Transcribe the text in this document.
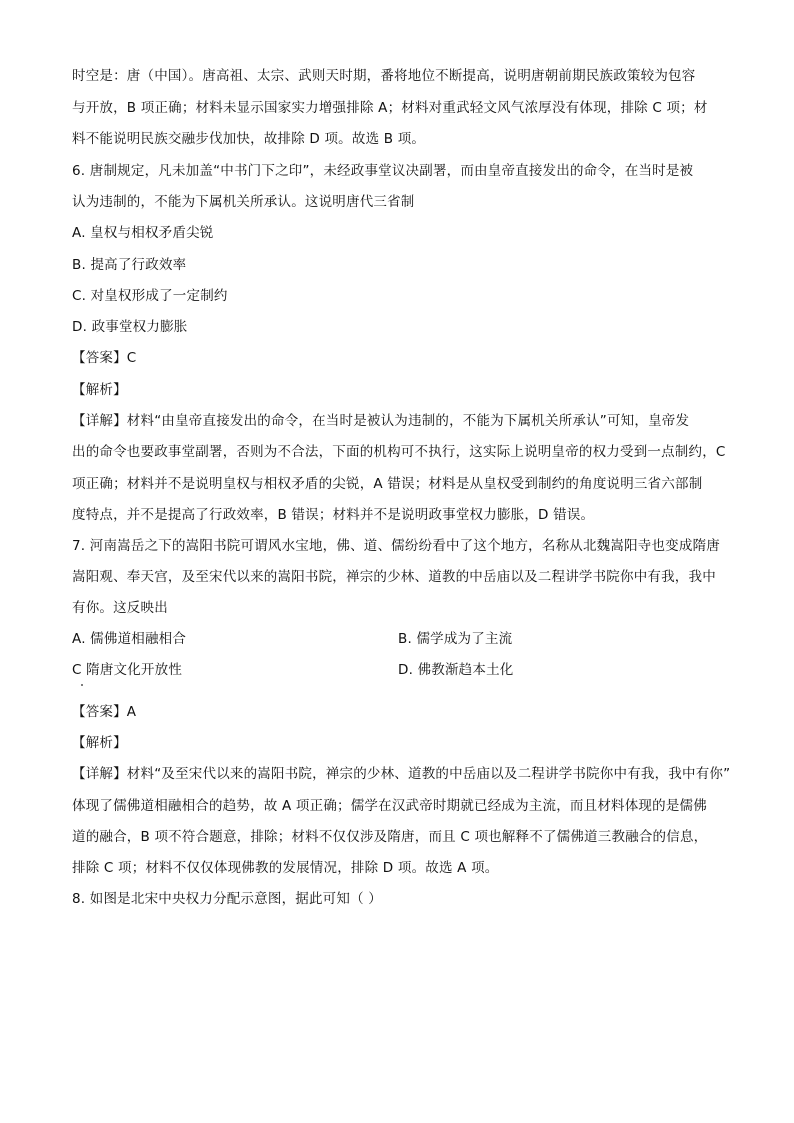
时空是：唐（中国）。唐高祖、太宗、武则天时期，番将地位不断提高，说明唐朝前期民族政策较为包容
与开放，B 项正确；材料未显示国家实力增强排除 A；材料对重武轻文风气浓厚没有体现，排除 C 项；材
料不能说明民族交融步伐加快，故排除 D 项。故选 B 项。
6. 唐制规定，凡未加盖“中书门下之印”，未经政事堂议决副署，而由皇帝直接发出的命令，在当时是被
认为违制的，不能为下属机关所承认。这说明唐代三省制
A. 皇权与相权矛盾尖锐
B. 提高了行政效率
C. 对皇权形成了一定制约
D. 政事堂权力膨胀
【答案】C
【解析】
【详解】材料“由皇帝直接发出的命令，在当时是被认为违制的，不能为下属机关所承认”可知，皇帝发
出的命令也要政事堂副署，否则为不合法，下面的机构可不执行，这实际上说明皇帝的权力受到一点制约，C
项正确；材料并不是说明皇权与相权矛盾的尖锐，A 错误；材料是从皇权受到制约的角度说明三省六部制
度特点，并不是提高了行政效率，B 错误；材料并不是说明政事堂权力膨胀，D 错误。
7. 河南嵩岳之下的嵩阳书院可谓风水宝地，佛、道、儒纷纷看中了这个地方，名称从北魏嵩阳寺也变成隋唐
嵩阳观、奉天宫，及至宋代以来的嵩阳书院，禅宗的少林、道教的中岳庙以及二程讲学书院你中有我，我中
有你。这反映出
A. 儒佛道相融相合	B. 儒学成为了主流
C 隋唐文化开放性	D. 佛教渐趋本土化
【答案】A
【解析】
【详解】材料“及至宋代以来的嵩阳书院，禅宗的少林、道教的中岳庙以及二程讲学书院你中有我，我中有你”
体现了儒佛道相融相合的趋势，故 A 项正确；儒学在汉武帝时期就已经成为主流，而且材料体现的是儒佛
道的融合，B 项不符合题意，排除；材料不仅仅涉及隋唐，而且 C 项也解释不了儒佛道三教融合的信息，
排除 C 项；材料不仅仅体现佛教的发展情况，排除 D 项。故选 A 项。
8. 如图是北宋中央权力分配示意图，据此可知（ ）
